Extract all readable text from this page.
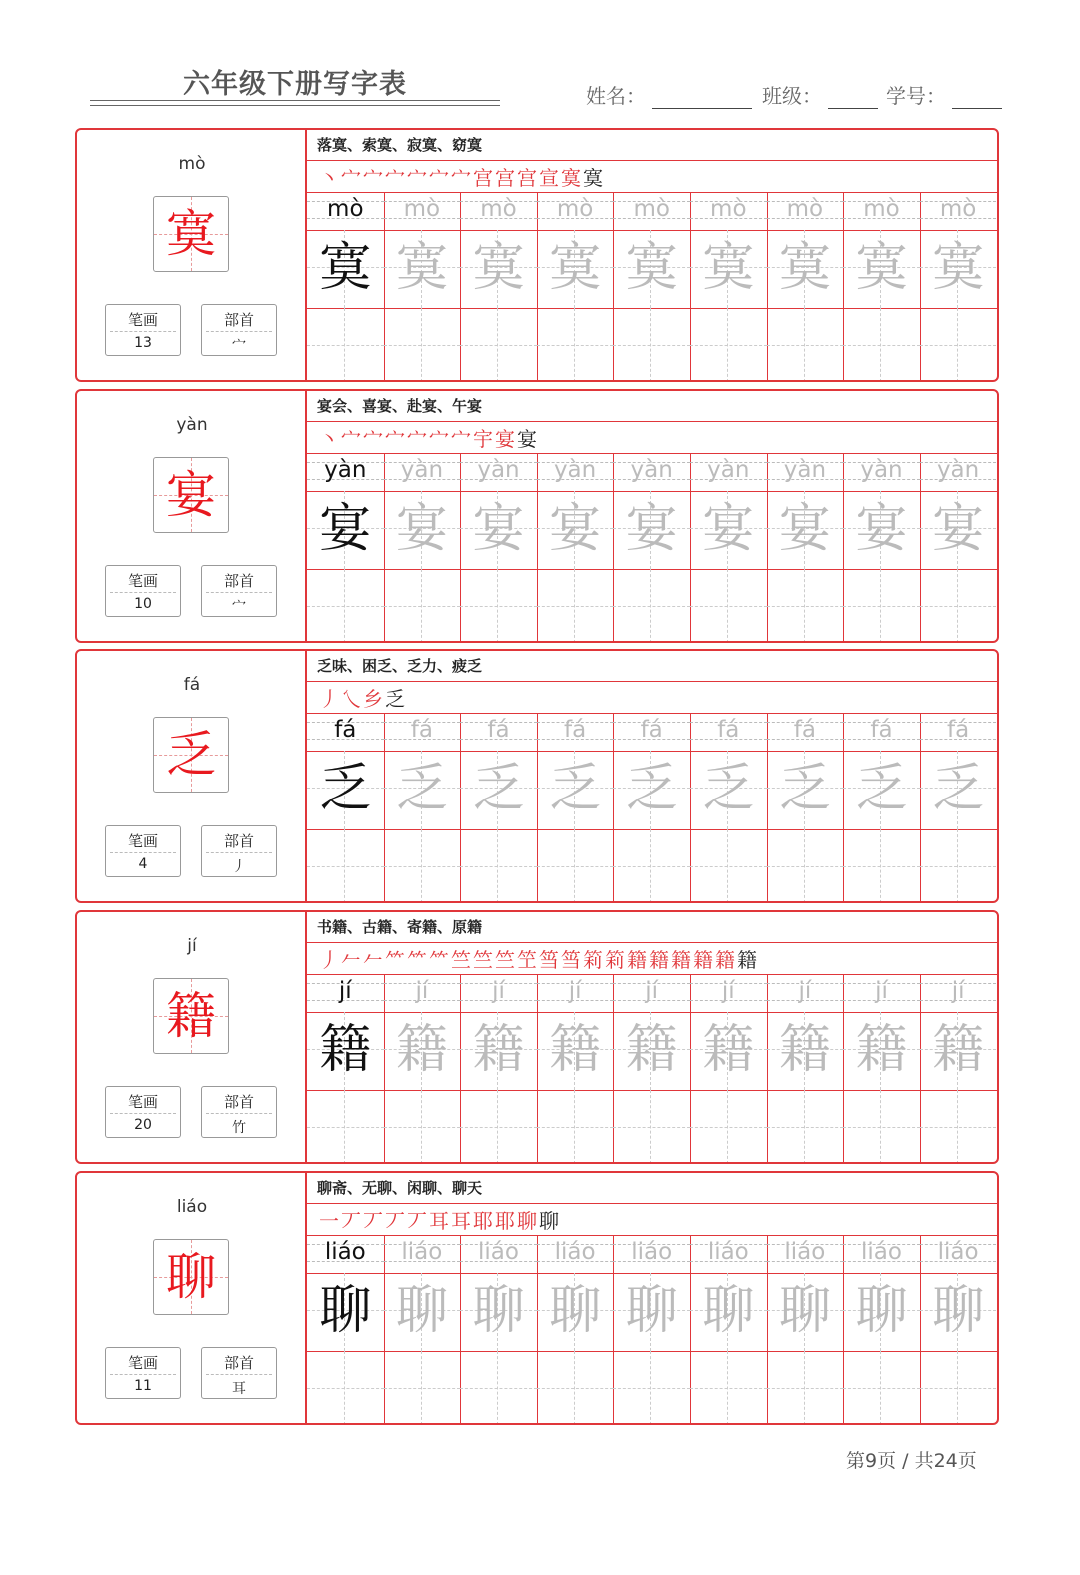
六年级下册写字表	姓名：	班级：	学号：
mò
寞
笔画
13
部首
宀
落寞、索寞、寂寞、窈寞
丶宀宀宀宀宀宀宫宫宫宣寞寞
mò
寞
mò
寞
mò
寞
mò
寞
mò
寞
mò
寞
mò
寞
mò
寞
mò
寞
yàn
宴
笔画
10
部首
宀
宴会、喜宴、赴宴、午宴
丶宀宀宀宀宀宀宇宴宴
yàn
宴
yàn
宴
yàn
宴
yàn
宴
yàn
宴
yàn
宴
yàn
宴
yàn
宴
yàn
宴
fá
乏
笔画
4
部首
丿
乏味、困乏、乏力、疲乏
丿乀乡乏
fá
乏
fá
乏
fá
乏
fá
乏
fá
乏
fá
乏
fá
乏
fá
乏
fá
乏
jí
籍
笔画
20
部首
竹
书籍、古籍、寄籍、原籍
丿𠂉𠂉⺮⺮⺮竺竺竺笁筜筜筣筣籍籍籍籍籍籍
jí
籍
jí
籍
jí
籍
jí
籍
jí
籍
jí
籍
jí
籍
jí
籍
jí
籍
liáo
聊
笔画
11
部首
耳
聊斋、无聊、闲聊、聊天
一丆丆丆丆耳耳耶耶聊聊
liáo
聊
liáo
聊
liáo
聊
liáo
聊
liáo
聊
liáo
聊
liáo
聊
liáo
聊
liáo
聊
第9页 / 共24页
